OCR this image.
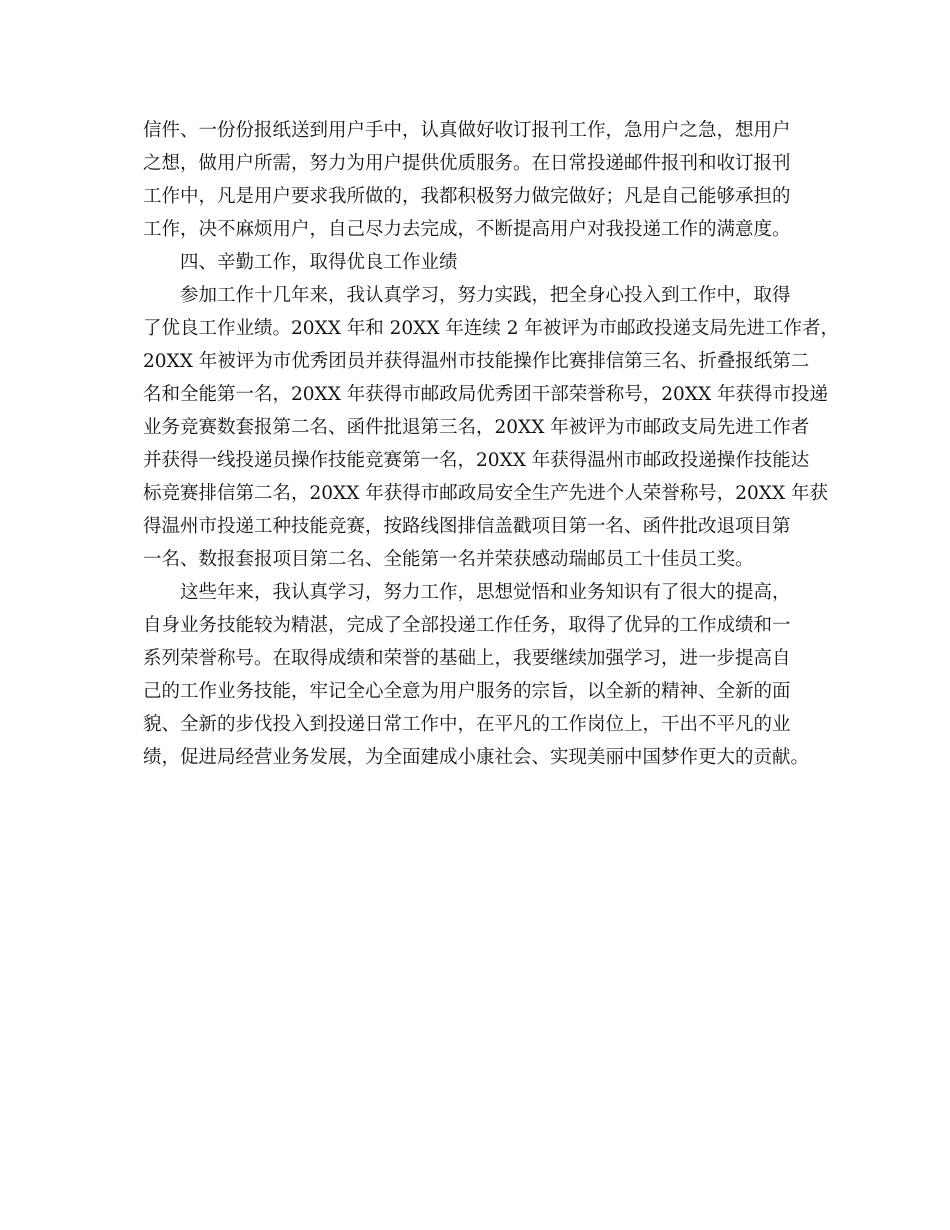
信件、一份份报纸送到用户手中，认真做好收订报刊工作，急用户之急，想用户
之想，做用户所需，努力为用户提供优质服务。在日常投递邮件报刊和收订报刊
工作中，凡是用户要求我所做的，我都积极努力做完做好；凡是自己能够承担的
工作，决不麻烦用户，自己尽力去完成，不断提高用户对我投递工作的满意度。
四、辛勤工作，取得优良工作业绩
参加工作十几年来，我认真学习，努力实践，把全身心投入到工作中，取得
了优良工作业绩。20XX 年和 20XX 年连续 2 年被评为市邮政投递支局先进工作者，
20XX 年被评为市优秀团员并获得温州市技能操作比赛排信第三名、折叠报纸第二
名和全能第一名，20XX 年获得市邮政局优秀团干部荣誉称号，20XX 年获得市投递
业务竞赛数套报第二名、函件批退第三名，20XX 年被评为市邮政支局先进工作者
并获得一线投递员操作技能竞赛第一名，20XX 年获得温州市邮政投递操作技能达
标竞赛排信第二名，20XX 年获得市邮政局安全生产先进个人荣誉称号，20XX 年获
得温州市投递工种技能竞赛，按路线图排信盖戳项目第一名、函件批改退项目第
一名、数报套报项目第二名、全能第一名并荣获感动瑞邮员工十佳员工奖。
这些年来，我认真学习，努力工作，思想觉悟和业务知识有了很大的提高，
自身业务技能较为精湛，完成了全部投递工作任务，取得了优异的工作成绩和一
系列荣誉称号。在取得成绩和荣誉的基础上，我要继续加强学习，进一步提高自
己的工作业务技能，牢记全心全意为用户服务的宗旨，以全新的精神、全新的面
貌、全新的步伐投入到投递日常工作中，在平凡的工作岗位上，干出不平凡的业
绩，促进局经营业务发展，为全面建成小康社会、实现美丽中国梦作更大的贡献。
